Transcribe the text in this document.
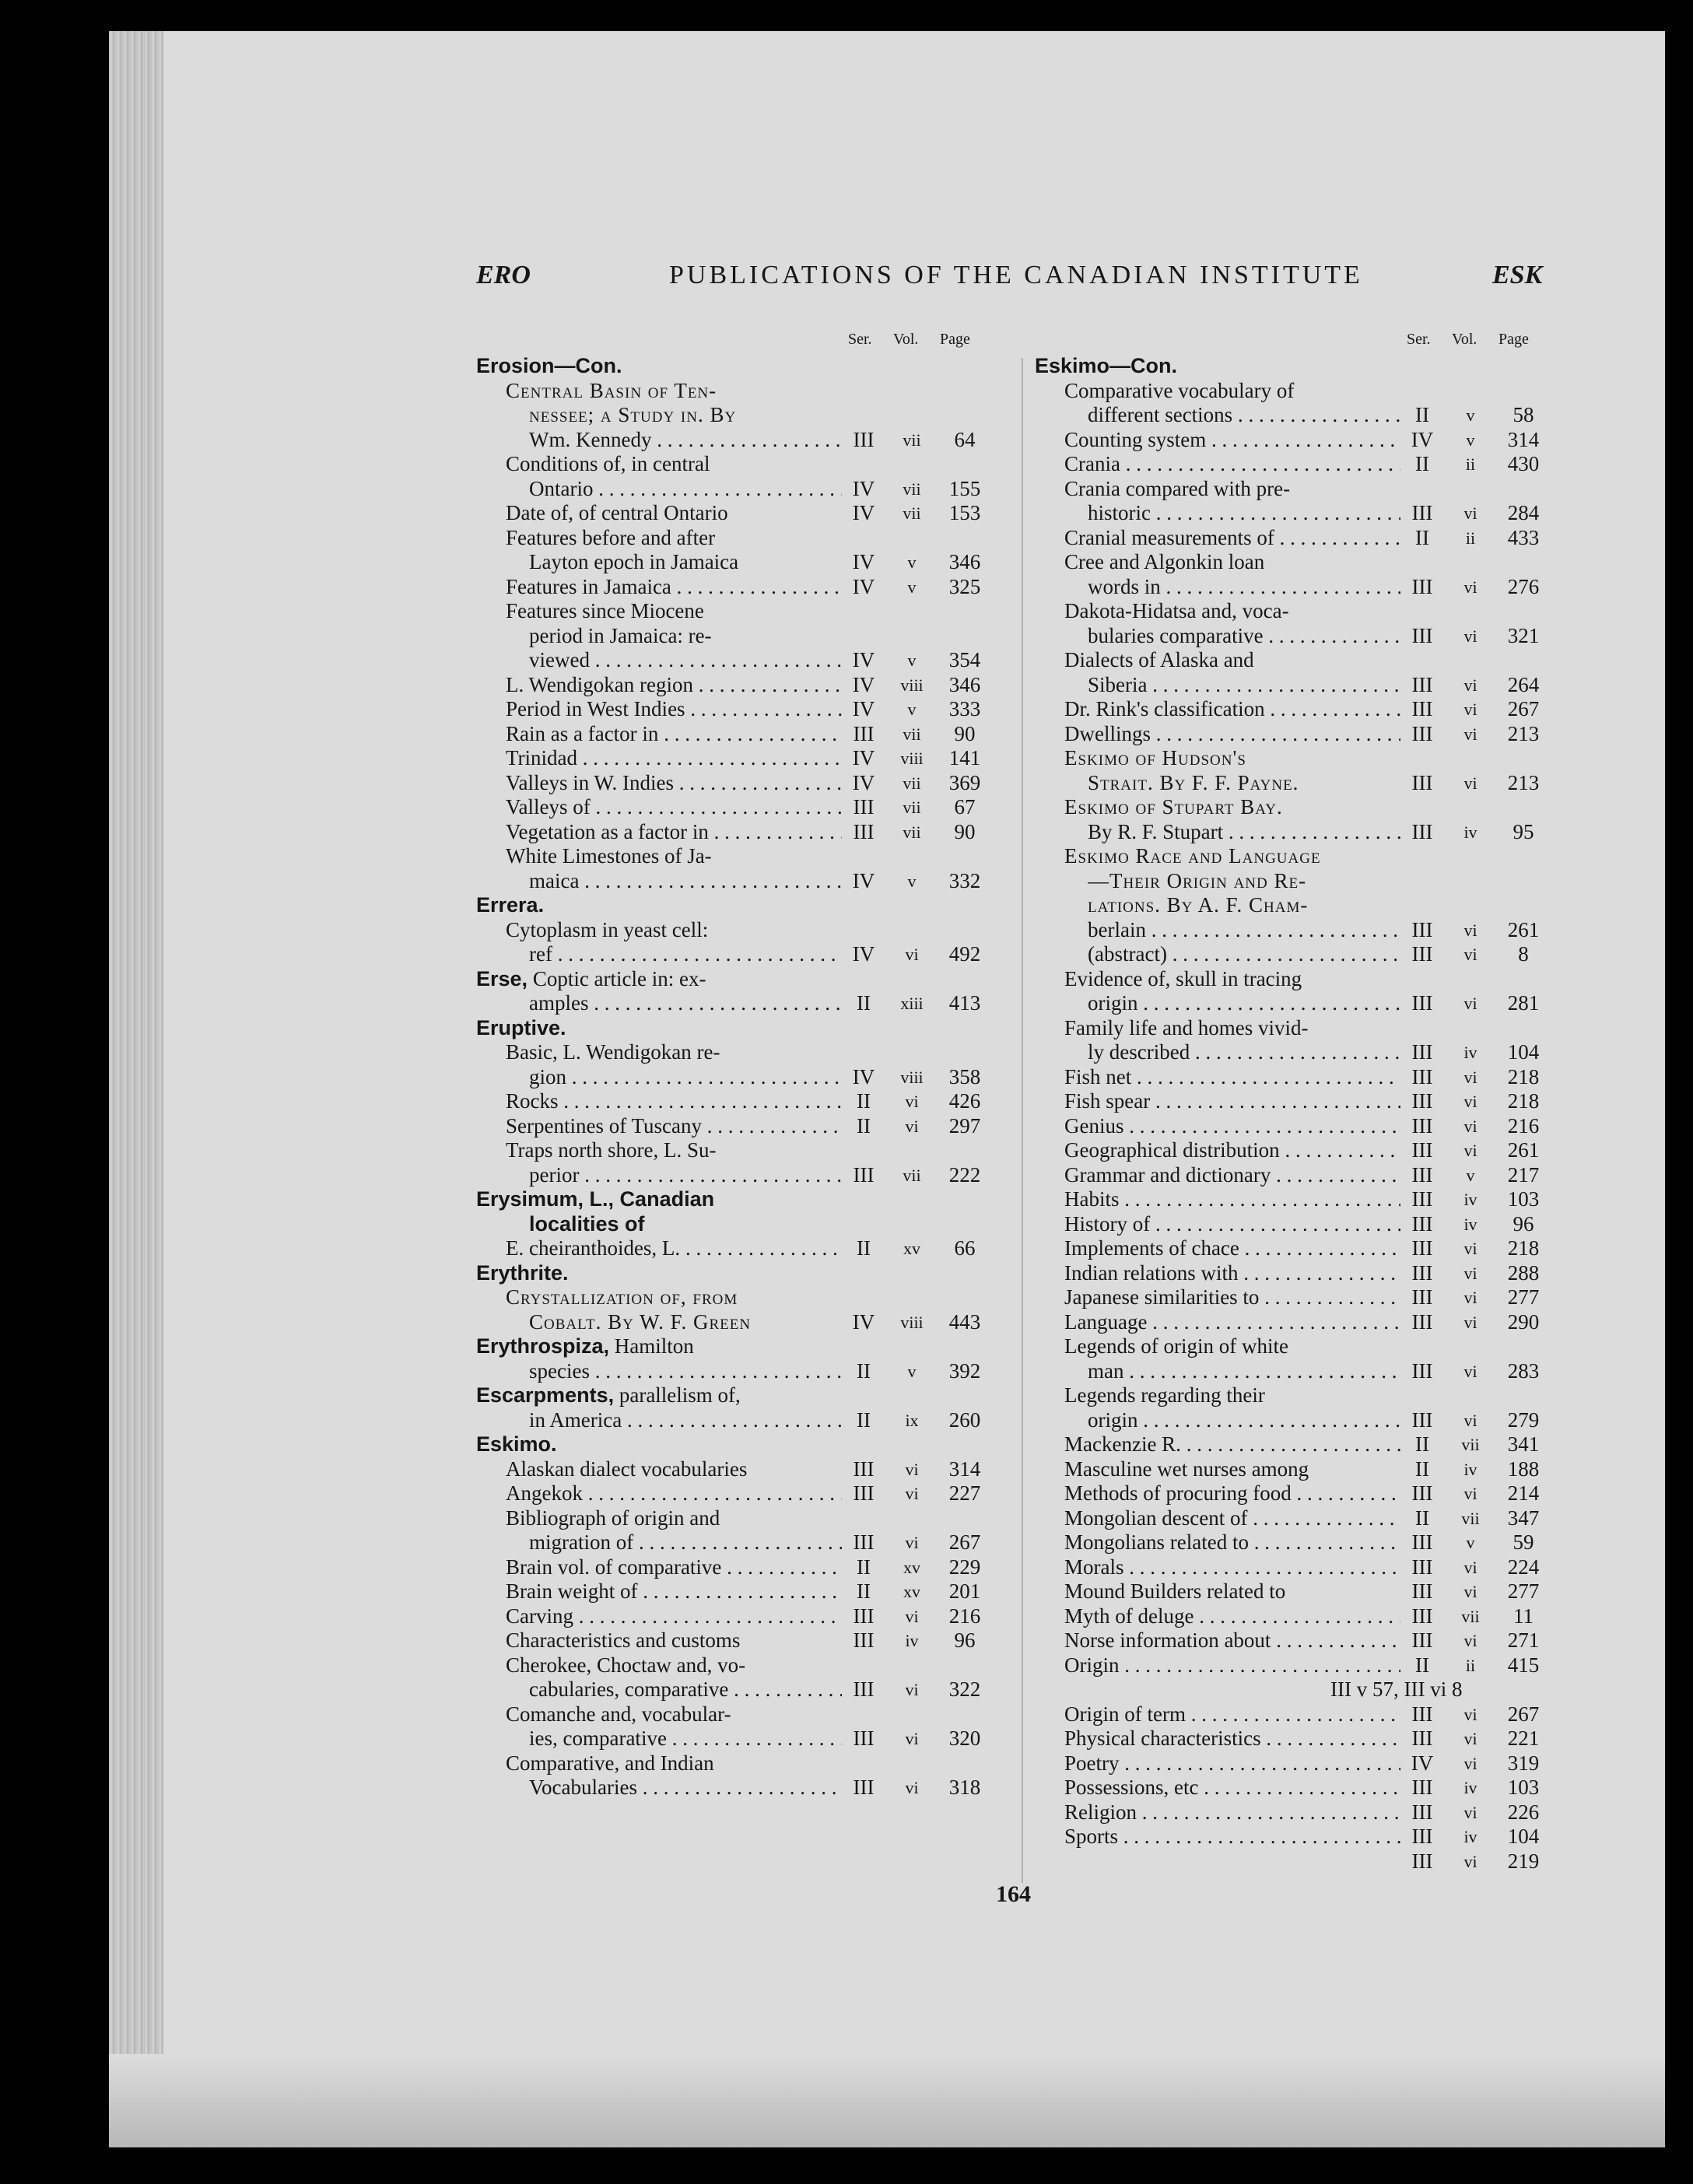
ERO	PUBLICATIONS OF THE CANADIAN INSTITUTE	ESK
Ser. Vol. Page
Erosion—Con.
Central Basin of Ten-
nessee; a Study in. By
Wm. Kennedy . . .	III	vii	64
Conditions of, in central
Ontario . . .	IV	vii	155
Date of, of central Ontario	IV	vii	153
Features before and after
Layton epoch in Jamaica	IV	v	346
Features in Jamaica . . .	IV	v	325
Features since Miocene
period in Jamaica: re-
viewed . . .	IV	v	354
L. Wendigokan region . . .	IV	viii	346
Period in West Indies . . .	IV	v	333
Rain as a factor in . . .	III	vii	90
Trinidad . . .	IV	viii	141
Valleys in W. Indies . . .	IV	vii	369
Valleys of . . .	III	vii	67
Vegetation as a factor in . . .	III	vii	90
White Limestones of Ja-
maica . . .	IV	v	332
Errera.
Cytoplasm in yeast cell:
ref . . .	IV	vi	492
Erse, Coptic article in: ex-
amples . . .	II	xiii	413
Eruptive.
Basic, L. Wendigokan re-
gion . . .	IV	viii	358
Rocks . . .	II	vi	426
Serpentines of Tuscany . . .	II	vi	297
Traps north shore, L. Su-
perior . . .	III	vii	222
Erysimum, L., Canadian
localities of
E. cheiranthoides, L. . . .	II	xv	66
Erythrite.
Crystallization of, from
Cobalt. By W. F. Green	IV	viii	443
Erythrospiza, Hamilton
species . . .	II	v	392
Escarpments, parallelism of,
in America . . .	II	ix	260
Eskimo.
Alaskan dialect vocabularies	III	vi	314
Angekok . . .	III	vi	227
Bibliograph of origin and
migration of . . .	III	vi	267
Brain vol. of comparative . . .	II	xv	229
Brain weight of . . .	II	xv	201
Carving . . .	III	vi	216
Characteristics and customs	III	iv	96
Cherokee, Choctaw and, vo-
cabularies, comparative . . .	III	vi	322
Comanche and, vocabular-
ies, comparative . . .	III	vi	320
Comparative, and Indian
Vocabularies . . .	III	vi	318
Ser. Vol. Page
Eskimo—Con.
Comparative vocabulary of
different sections . . .	II	v	58
Counting system . . .	IV	v	314
Crania . . .	II	ii	430
Crania compared with pre-
historic . . .	III	vi	284
Cranial measurements of . . .	II	ii	433
Cree and Algonkin loan
words in . . .	III	vi	276
Dakota-Hidatsa and, voca-
bularies comparative . . .	III	vi	321
Dialects of Alaska and
Siberia . . .	III	vi	264
Dr. Rink's classification . . .	III	vi	267
Dwellings . . .	III	vi	213
Eskimo of Hudson's
Strait. By F. F. Payne.	III	vi	213
Eskimo of Stupart Bay.
By R. F. Stupart . . .	III	iv	95
Eskimo Race and Language
—Their Origin and Re-
lations. By A. F. Cham-
berlain . . .	III	vi	261
(abstract) . . .	III	vi	8
Evidence of, skull in tracing
origin . . .	III	vi	281
Family life and homes vivid-
ly described . . .	III	iv	104
Fish net . . .	III	vi	218
Fish spear . . .	III	vi	218
Genius . . .	III	vi	216
Geographical distribution . . .	III	vi	261
Grammar and dictionary . . .	III	v	217
Habits . . .	III	iv	103
History of . . .	III	iv	96
Implements of chace . . .	III	vi	218
Indian relations with . . .	III	vi	288
Japanese similarities to . . .	III	vi	277
Language . . .	III	vi	290
Legends of origin of white
man . . .	III	vi	283
Legends regarding their
origin . . .	III	vi	279
Mackenzie R. . . .	II	vii	341
Masculine wet nurses among	II	iv	188
Methods of procuring food . . .	III	vi	214
Mongolian descent of . . .	II	vii	347
Mongolians related to . . .	III	v	59
Morals . . .	III	vi	224
Mound Builders related to	III	vi	277
Myth of deluge . . .	III	vii	11
Norse information about . . .	III	vi	271
Origin . . .	II	ii	415
III v 57, III vi 8
Origin of term . . .	III	vi	267
Physical characteristics . . .	III	vi	221
Poetry . . .	IV	vi	319
Possessions, etc . . .	III	iv	103
Religion . . .	III	vi	226
Sports . . .	III	iv	104
III	vi	219
164
